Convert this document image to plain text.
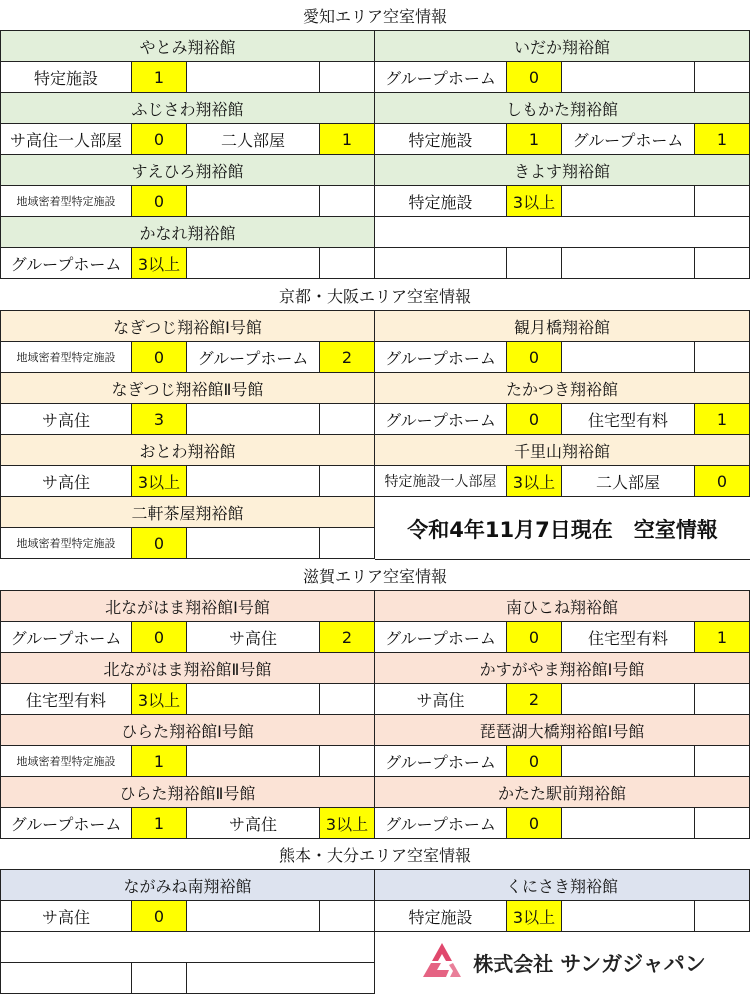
愛知エリア空室情報
京都・大阪エリア空室情報
滋賀エリア空室情報
熊本・大分エリア空室情報
やとみ翔裕館
特定施設	1
いだか翔裕館
グループホーム	0
ふじさわ翔裕館
サ高住一人部屋	0	二人部屋	1
しもかた翔裕館
特定施設	1	グループホーム	1
すえひろ翔裕館
地域密着型特定施設	0
きよす翔裕館
特定施設	3以上
かなれ翔裕館
グループホーム	3以上
なぎつじ翔裕館Ⅰ号館
地域密着型特定施設	0	グループホーム	2
観月橋翔裕館
グループホーム	0
なぎつじ翔裕館Ⅱ号館
サ高住	3
たかつき翔裕館
グループホーム	0	住宅型有料	1
おとわ翔裕館
サ高住	3以上
千里山翔裕館
特定施設一人部屋	3以上	二人部屋	0
二軒茶屋翔裕館
地域密着型特定施設	0
北ながはま翔裕館Ⅰ号館
グループホーム	0	サ高住	2
南ひこね翔裕館
グループホーム	0	住宅型有料	1
北ながはま翔裕館Ⅱ号館
住宅型有料	3以上
かすがやま翔裕館Ⅰ号館
サ高住	2
ひらた翔裕館Ⅰ号館
地域密着型特定施設	1
琵琶湖大橋翔裕館Ⅰ号館
グループホーム	0
ひらた翔裕館Ⅱ号館
グループホーム	1	サ高住	3以上
かたた駅前翔裕館
グループホーム	0
ながみね南翔裕館
サ高住	0
くにさき翔裕館
特定施設	3以上
令和4年11月7日現在　空室情報
株式会社 サンガジャパン
